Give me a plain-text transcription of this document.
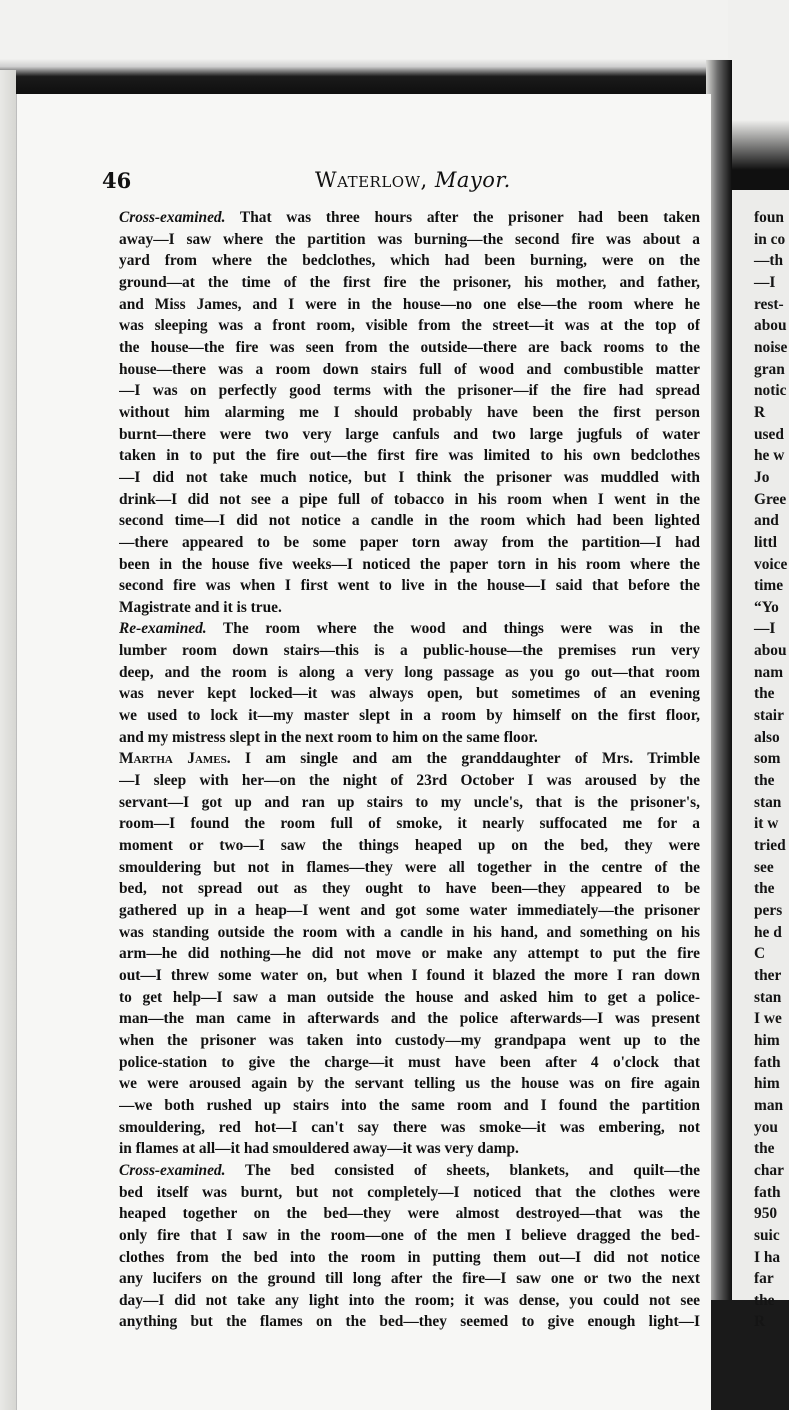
46	Waterlow, Mayor.
Cross-examined. That was three hours after the prisoner had been taken
away—I saw where the partition was burning—the second fire was about a
yard from where the bedclothes, which had been burning, were on the
ground—at the time of the first fire the prisoner, his mother, and father,
and Miss James, and I were in the house—no one else—the room where he
was sleeping was a front room, visible from the street—it was at the top of
the house—the fire was seen from the outside—there are back rooms to the
house—there was a room down stairs full of wood and combustible matter
—I was on perfectly good terms with the prisoner—if the fire had spread
without him alarming me I should probably have been the first person
burnt—there were two very large canfuls and two large jugfuls of water
taken in to put the fire out—the first fire was limited to his own bedclothes
—I did not take much notice, but I think the prisoner was muddled with
drink—I did not see a pipe full of tobacco in his room when I went in the
second time—I did not notice a candle in the room which had been lighted
—there appeared to be some paper torn away from the partition—I had
been in the house five weeks—I noticed the paper torn in his room where the
second fire was when I first went to live in the house—I said that before the
Magistrate and it is true.
Re-examined. The room where the wood and things were was in the
lumber room down stairs—this is a public-house—the premises run very
deep, and the room is along a very long passage as you go out—that room
was never kept locked—it was always open, but sometimes of an evening
we used to lock it—my master slept in a room by himself on the first floor,
and my mistress slept in the next room to him on the same floor.
Martha James. I am single and am the granddaughter of Mrs. Trimble
—I sleep with her—on the night of 23rd October I was aroused by the
servant—I got up and ran up stairs to my uncle's, that is the prisoner's,
room—I found the room full of smoke, it nearly suffocated me for a
moment or two—I saw the things heaped up on the bed, they were
smouldering but not in flames—they were all together in the centre of the
bed, not spread out as they ought to have been—they appeared to be
gathered up in a heap—I went and got some water immediately—the prisoner
was standing outside the room with a candle in his hand, and something on his
arm—he did nothing—he did not move or make any attempt to put the fire
out—I threw some water on, but when I found it blazed the more I ran down
to get help—I saw a man outside the house and asked him to get a police-
man—the man came in afterwards and the police afterwards—I was present
when the prisoner was taken into custody—my grandpapa went up to the
police-station to give the charge—it must have been after 4 o'clock that
we were aroused again by the servant telling us the house was on fire again
—we both rushed up stairs into the same room and I found the partition
smouldering, red hot—I can't say there was smoke—it was embering, not
in flames at all—it had smouldered away—it was very damp.
Cross-examined. The bed consisted of sheets, blankets, and quilt—the
bed itself was burnt, but not completely—I noticed that the clothes were
heaped together on the bed—they were almost destroyed—that was the
only fire that I saw in the room—one of the men I believe dragged the bed-
clothes from the bed into the room in putting them out—I did not notice
any lucifers on the ground till long after the fire—I saw one or two the next
day—I did not take any light into the room; it was dense, you could not see
anything but the flames on the bed—they seemed to give enough light—I
foun
in co
—th
—I
rest-
abou
noise
gran
notic
R
used
he w
Jo
Gree
and
littl
voice
time
“Yo
—I
abou
nam
the
stair
also
som
the
stan
it w
tried
see
the
pers
he d
C
ther
stan
I we
him
fath
him
man
you
the
char
fath
950
suic
I ha
far
the
R
